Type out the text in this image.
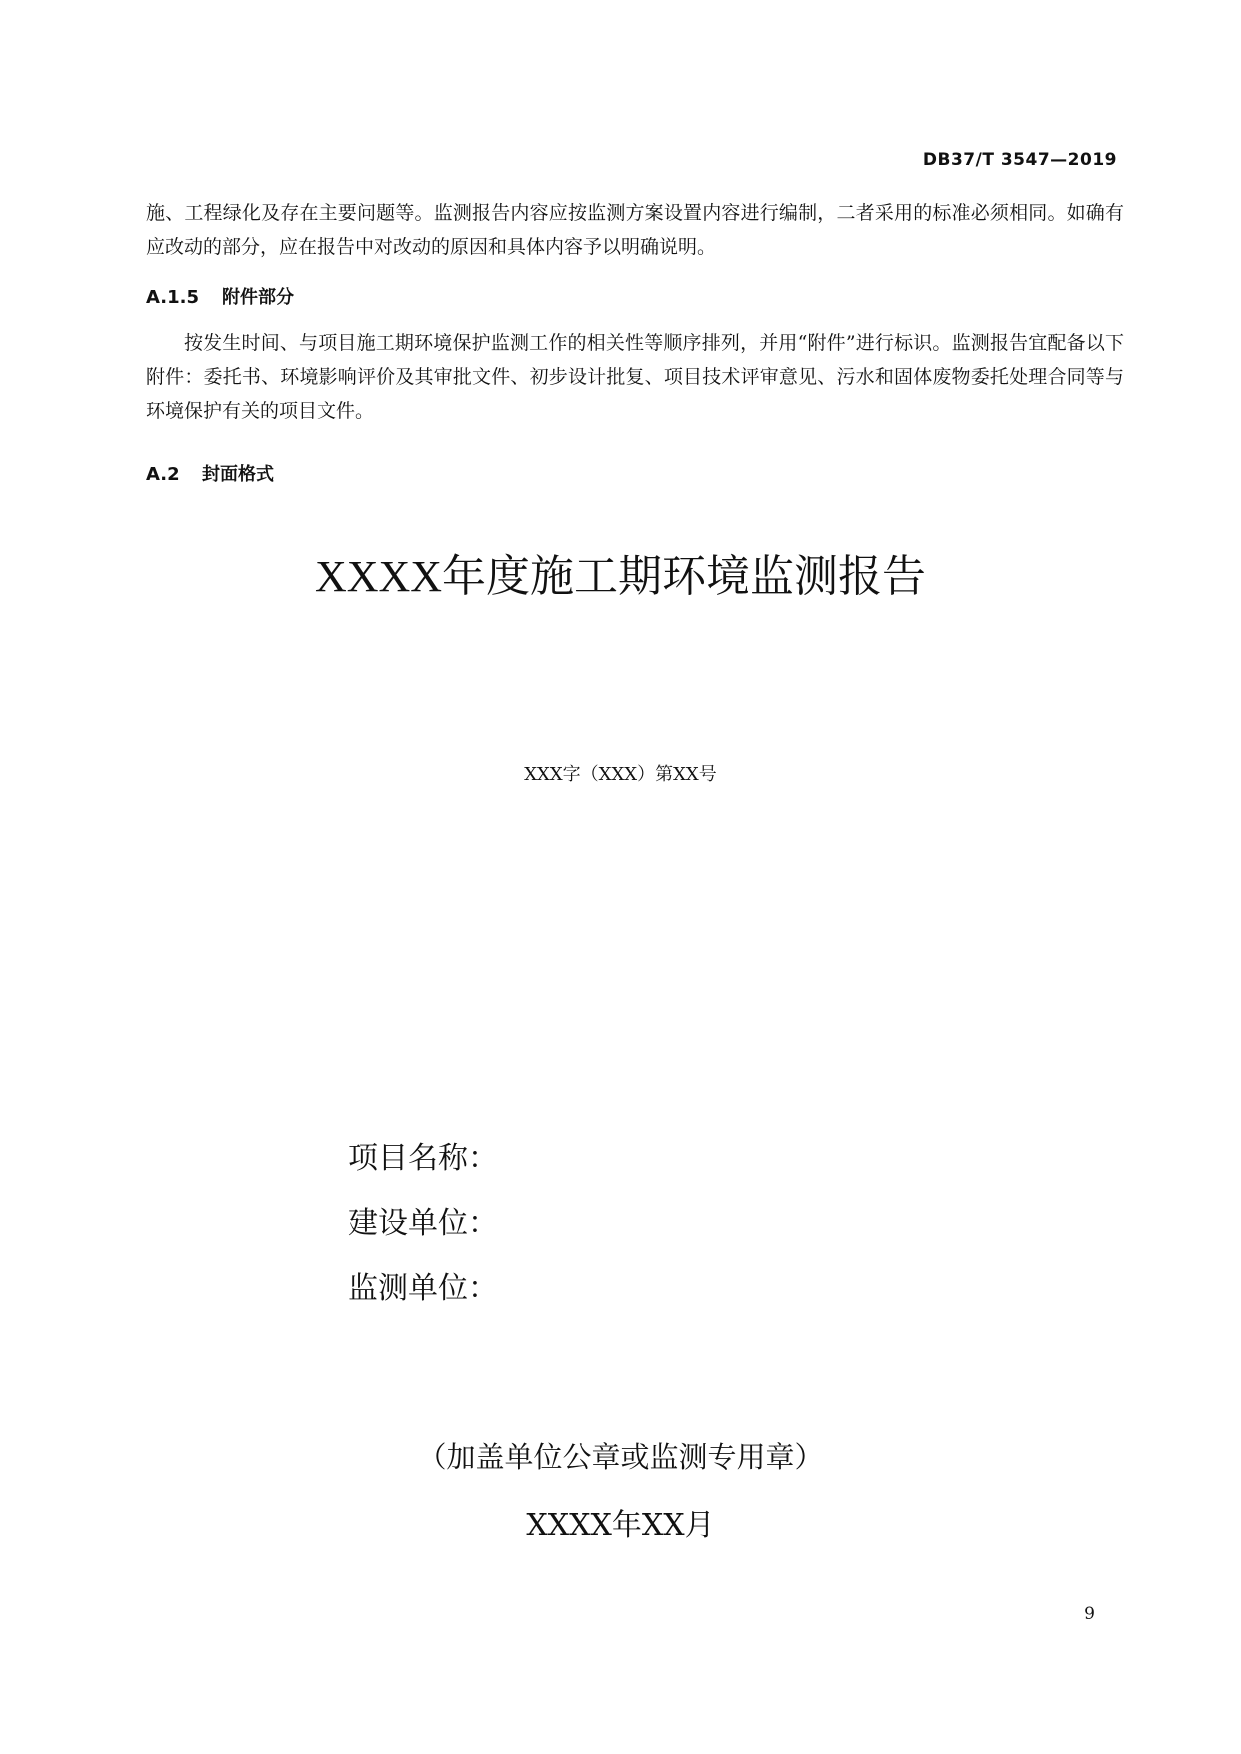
DB37/T 3547—2019
施、工程绿化及存在主要问题等。监测报告内容应按监测方案设置内容进行编制，二者采用的标准必须相同。如确有应改动的部分，应在报告中对改动的原因和具体内容予以明确说明。
A.1.5 附件部分
按发生时间、与项目施工期环境保护监测工作的相关性等顺序排列，并用“附件”进行标识。监测报告宜配备以下附件：委托书、环境影响评价及其审批文件、初步设计批复、项目技术评审意见、污水和固体废物委托处理合同等与环境保护有关的项目文件。
A.2 封面格式
XXXX年度施工期环境监测报告
XXX字（XXX）第XX号
项目名称：
建设单位：
监测单位：
（加盖单位公章或监测专用章）
XXXX年XX月
9
